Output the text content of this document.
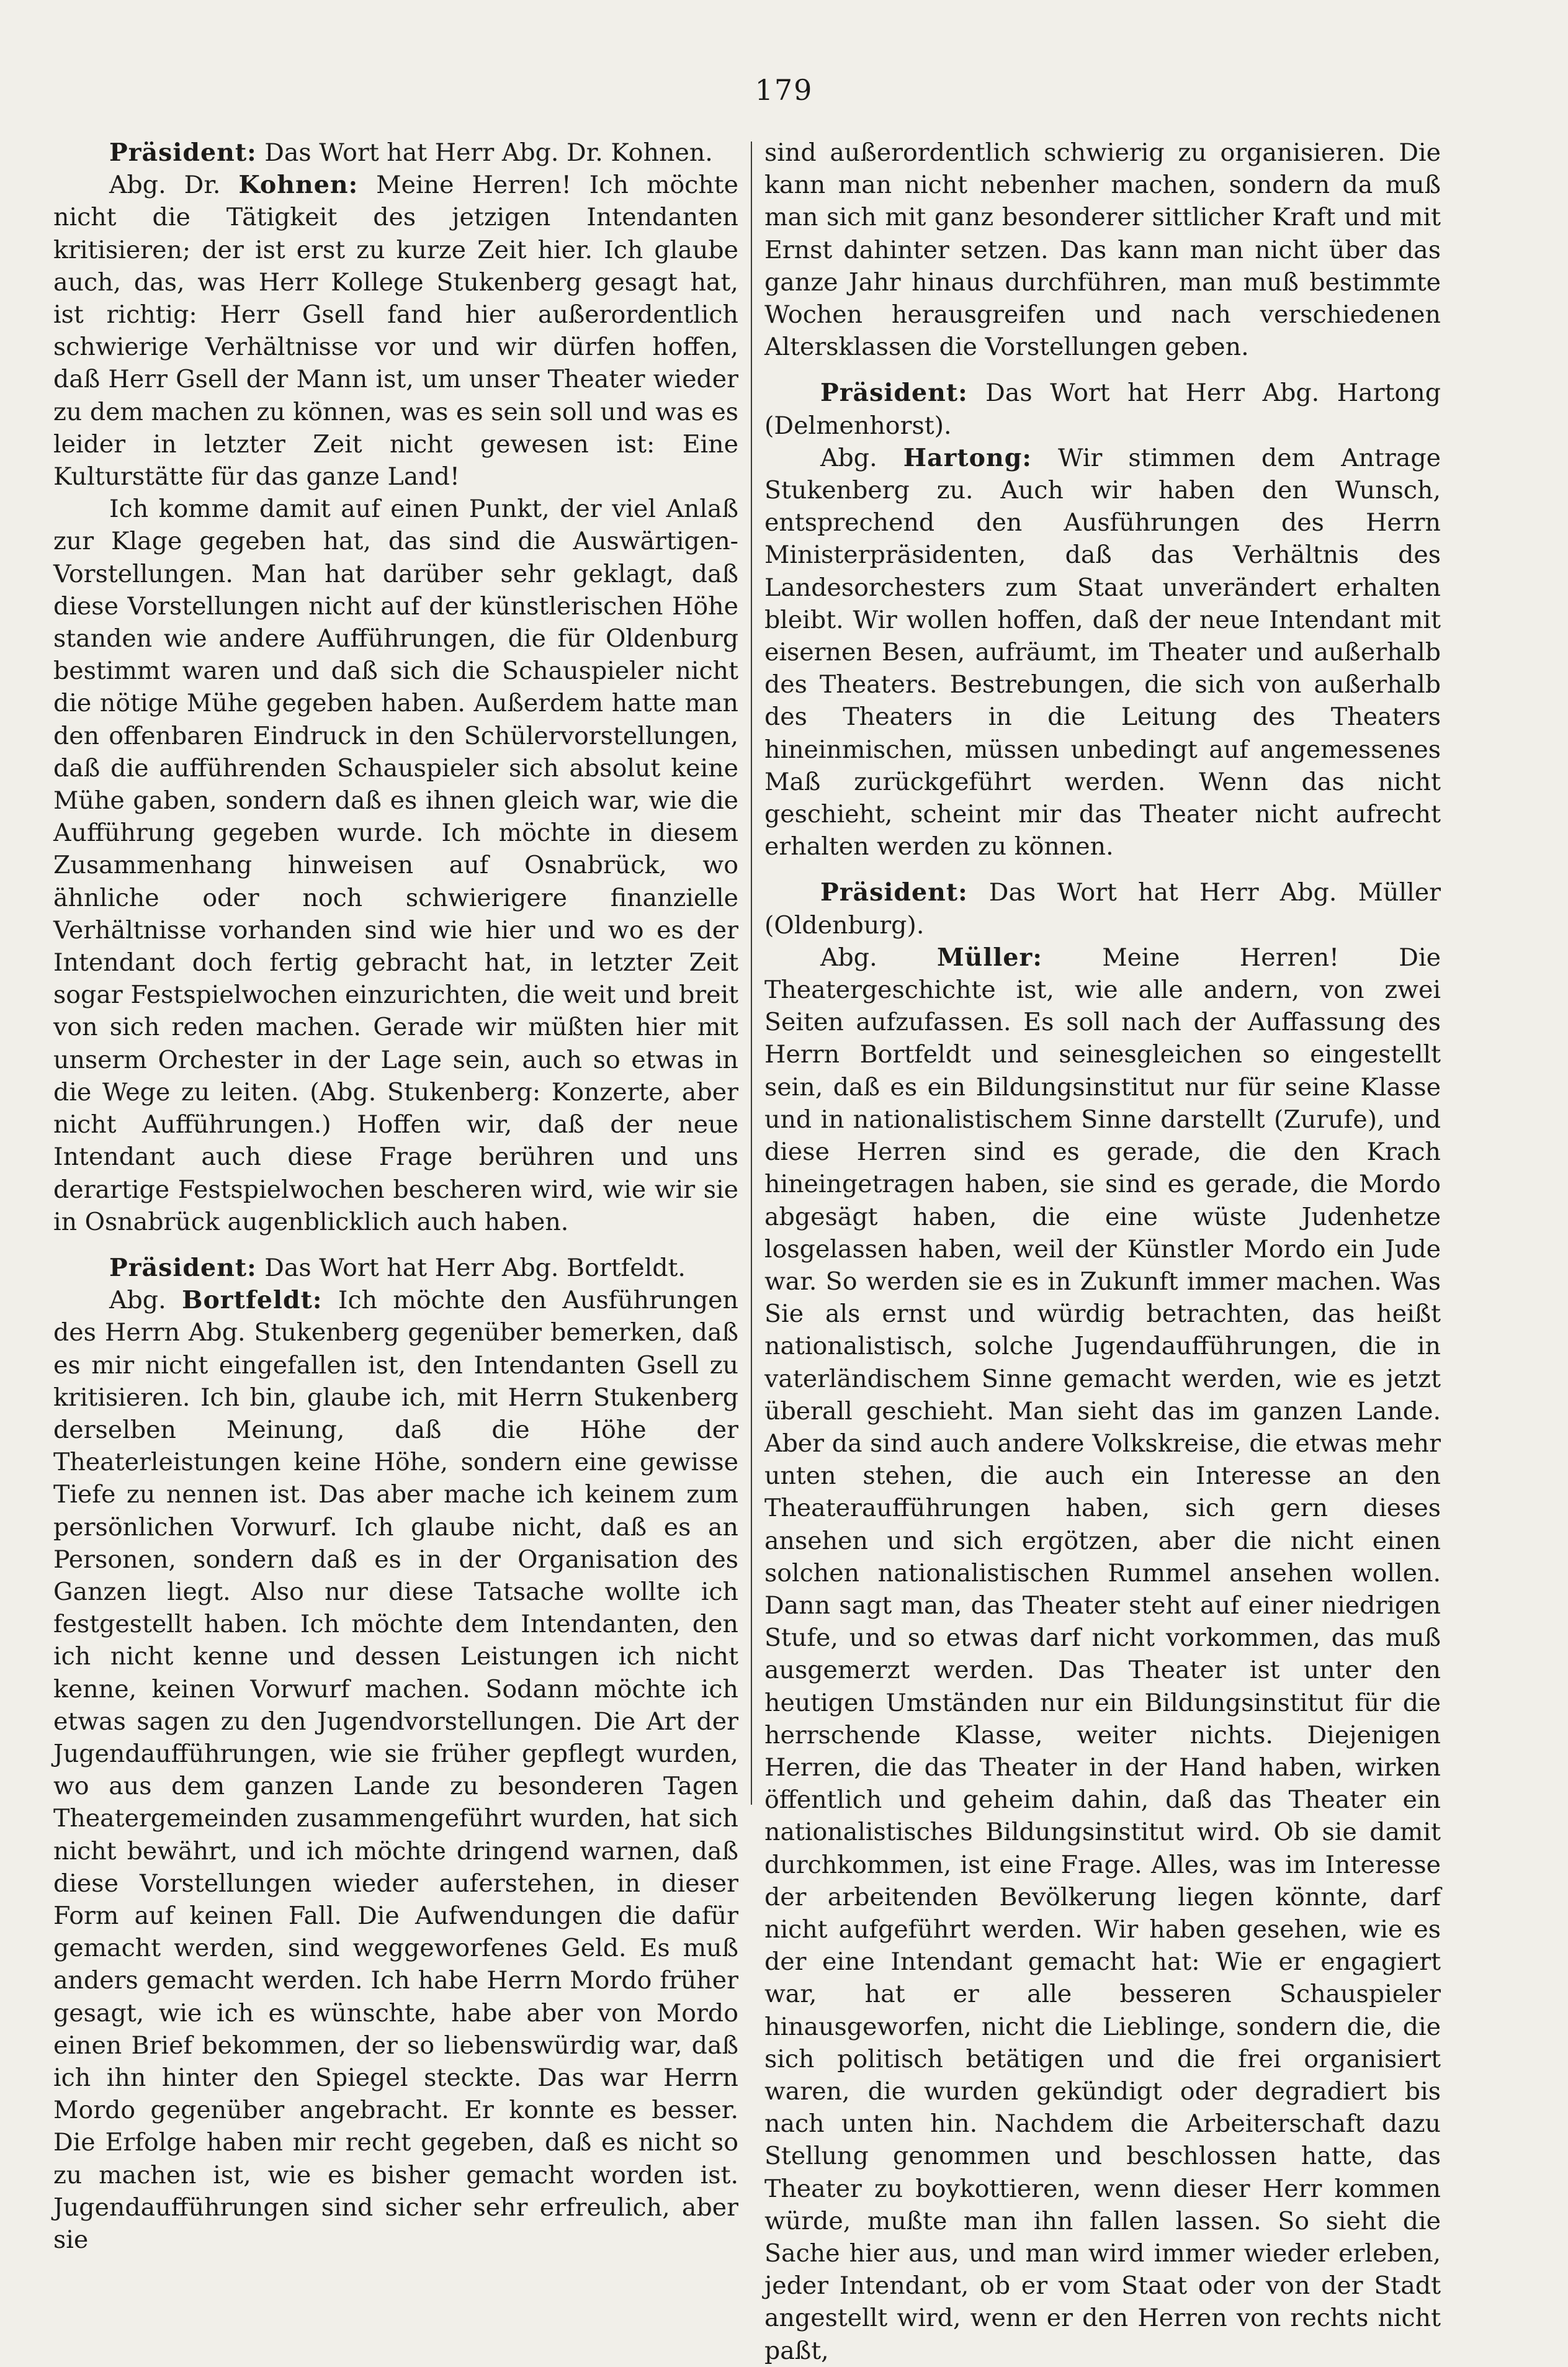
179

Präsident: Das Wort hat Herr Abg. Dr. Kohnen.

Abg. Dr. Kohnen: Meine Herren! Ich möchte nicht die Tätigkeit des jetzigen Intendanten kritisieren; der ist erst zu kurze Zeit hier. Ich glaube auch, das, was Herr Kollege Stukenberg gesagt hat, ist richtig: Herr Gsell fand hier außerordentlich schwierige Verhältnisse vor und wir dürfen hoffen, daß Herr Gsell der Mann ist, um unser Theater wieder zu dem machen zu können, was es sein soll und was es leider in letzter Zeit nicht gewesen ist: Eine Kulturstätte für das ganze Land!

Ich komme damit auf einen Punkt, der viel Anlaß zur Klage gegeben hat, das sind die Auswärtigen-Vorstellungen. Man hat darüber sehr geklagt, daß diese Vorstellungen nicht auf der künstlerischen Höhe standen wie andere Aufführungen, die für Oldenburg bestimmt waren und daß sich die Schauspieler nicht die nötige Mühe gegeben haben. Außerdem hatte man den offenbaren Eindruck in den Schülervorstellungen, daß die aufführenden Schauspieler sich absolut keine Mühe gaben, sondern daß es ihnen gleich war, wie die Aufführung gegeben wurde. Ich möchte in diesem Zusammenhang hinweisen auf Osnabrück, wo ähnliche oder noch schwierigere finanzielle Verhältnisse vorhanden sind wie hier und wo es der Intendant doch fertig gebracht hat, in letzter Zeit sogar Festspielwochen einzurichten, die weit und breit von sich reden machen. Gerade wir müßten hier mit unserm Orchester in der Lage sein, auch so etwas in die Wege zu leiten. (Abg. Stukenberg: Konzerte, aber nicht Aufführungen.) Hoffen wir, daß der neue Intendant auch diese Frage berühren und uns derartige Festspielwochen bescheren wird, wie wir sie in Osnabrück augenblicklich auch haben.

Präsident: Das Wort hat Herr Abg. Bortfeldt.

Abg. Bortfeldt: Ich möchte den Ausführungen des Herrn Abg. Stukenberg gegenüber bemerken, daß es mir nicht eingefallen ist, den Intendanten Gsell zu kritisieren. Ich bin, glaube ich, mit Herrn Stukenberg derselben Meinung, daß die Höhe der Theaterleistungen keine Höhe, sondern eine gewisse Tiefe zu nennen ist. Das aber mache ich keinem zum persönlichen Vorwurf. Ich glaube nicht, daß es an Personen, sondern daß es in der Organisation des Ganzen liegt. Also nur diese Tatsache wollte ich festgestellt haben. Ich möchte dem Intendanten, den ich nicht kenne und dessen Leistungen ich nicht kenne, keinen Vorwurf machen. Sodann möchte ich etwas sagen zu den Jugendvorstellungen. Die Art der Jugendaufführungen, wie sie früher gepflegt wurden, wo aus dem ganzen Lande zu besonderen Tagen Theatergemeinden zusammengeführt wurden, hat sich nicht bewährt, und ich möchte dringend warnen, daß diese Vorstellungen wieder auferstehen, in dieser Form auf keinen Fall. Die Aufwendungen die dafür gemacht werden, sind weggeworfenes Geld. Es muß anders gemacht werden. Ich habe Herrn Mordo früher gesagt, wie ich es wünschte, habe aber von Mordo einen Brief bekommen, der so liebenswürdig war, daß ich ihn hinter den Spiegel steckte. Das war Herrn Mordo gegenüber angebracht. Er konnte es besser. Die Erfolge haben mir recht gegeben, daß es nicht so zu machen ist, wie es bisher gemacht worden ist. Jugendaufführungen sind sicher sehr erfreulich, aber sie

sind außerordentlich schwierig zu organisieren. Die kann man nicht nebenher machen, sondern da muß man sich mit ganz besonderer sittlicher Kraft und mit Ernst dahinter setzen. Das kann man nicht über das ganze Jahr hinaus durchführen, man muß bestimmte Wochen herausgreifen und nach verschiedenen Altersklassen die Vorstellungen geben.

Präsident: Das Wort hat Herr Abg. Hartong (Delmenhorst).

Abg. Hartong: Wir stimmen dem Antrage Stukenberg zu. Auch wir haben den Wunsch, entsprechend den Ausführungen des Herrn Ministerpräsidenten, daß das Verhältnis des Landesorchesters zum Staat unverändert erhalten bleibt. Wir wollen hoffen, daß der neue Intendant mit eisernen Besen, aufräumt, im Theater und außerhalb des Theaters. Bestrebungen, die sich von außerhalb des Theaters in die Leitung des Theaters hineinmischen, müssen unbedingt auf angemessenes Maß zurückgeführt werden. Wenn das nicht geschieht, scheint mir das Theater nicht aufrecht erhalten werden zu können.

Präsident: Das Wort hat Herr Abg. Müller (Oldenburg).

Abg. Müller: Meine Herren! Die Theatergeschichte ist, wie alle andern, von zwei Seiten aufzufassen. Es soll nach der Auffassung des Herrn Bortfeldt und seinesgleichen so eingestellt sein, daß es ein Bildungsinstitut nur für seine Klasse und in nationalistischem Sinne darstellt (Zurufe), und diese Herren sind es gerade, die den Krach hineingetragen haben, sie sind es gerade, die Mordo abgesägt haben, die eine wüste Judenhetze losgelassen haben, weil der Künstler Mordo ein Jude war. So werden sie es in Zukunft immer machen. Was Sie als ernst und würdig betrachten, das heißt nationalistisch, solche Jugendaufführungen, die in vaterländischem Sinne gemacht werden, wie es jetzt überall geschieht. Man sieht das im ganzen Lande. Aber da sind auch andere Volkskreise, die etwas mehr unten stehen, die auch ein Interesse an den Theateraufführungen haben, sich gern dieses ansehen und sich ergötzen, aber die nicht einen solchen nationalistischen Rummel ansehen wollen. Dann sagt man, das Theater steht auf einer niedrigen Stufe, und so etwas darf nicht vorkommen, das muß ausgemerzt werden. Das Theater ist unter den heutigen Umständen nur ein Bildungsinstitut für die herrschende Klasse, weiter nichts. Diejenigen Herren, die das Theater in der Hand haben, wirken öffentlich und geheim dahin, daß das Theater ein nationalistisches Bildungsinstitut wird. Ob sie damit durchkommen, ist eine Frage. Alles, was im Interesse der arbeitenden Bevölkerung liegen könnte, darf nicht aufgeführt werden. Wir haben gesehen, wie es der eine Intendant gemacht hat: Wie er engagiert war, hat er alle besseren Schauspieler hinausgeworfen, nicht die Lieblinge, sondern die, die sich politisch betätigen und die frei organisiert waren, die wurden gekündigt oder degradiert bis nach unten hin. Nachdem die Arbeiterschaft dazu Stellung genommen und beschlossen hatte, das Theater zu boykottieren, wenn dieser Herr kommen würde, mußte man ihn fallen lassen. So sieht die Sache hier aus, und man wird immer wieder erleben, jeder Intendant, ob er vom Staat oder von der Stadt angestellt wird, wenn er den Herren von rechts nicht paßt,
